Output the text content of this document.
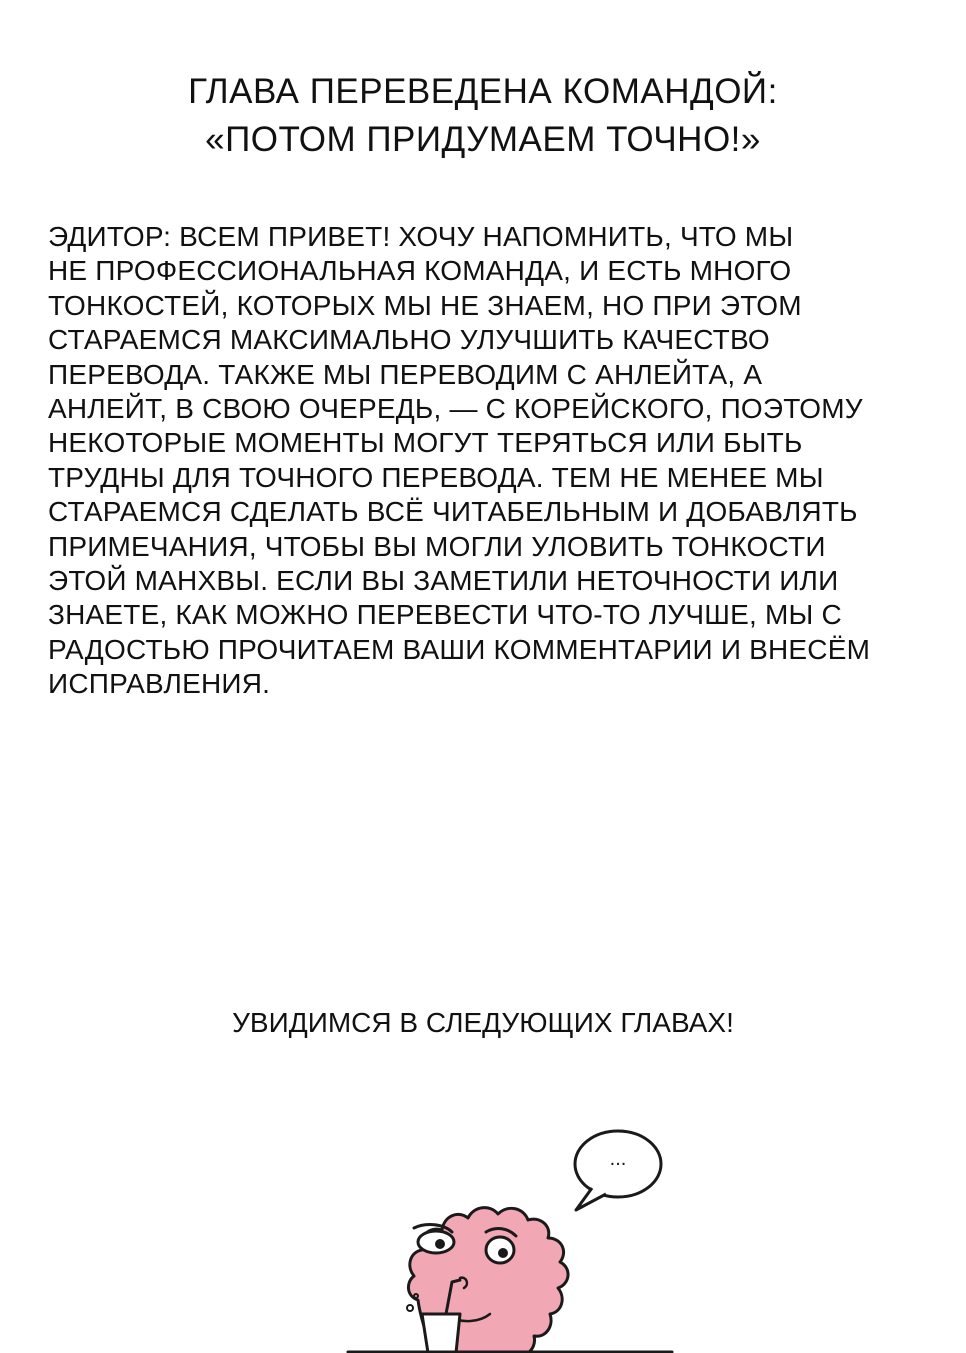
ГЛАВА ПЕРЕВЕДЕНА КОМАНДОЙ:
«ПОТОМ ПРИДУМАЕМ ТОЧНО!»
ЭДИТОР: ВСЕМ ПРИВЕТ! ХОЧУ НАПОМНИТЬ, ЧТО МЫ
НЕ ПРОФЕССИОНАЛЬНАЯ КОМАНДА, И ЕСТЬ МНОГО
ТОНКОСТЕЙ, КОТОРЫХ МЫ НЕ ЗНАЕМ, НО ПРИ ЭТОМ
СТАРАЕМСЯ МАКСИМАЛЬНО УЛУЧШИТЬ КАЧЕСТВО
ПЕРЕВОДА. ТАКЖЕ МЫ ПЕРЕВОДИМ С АНЛЕЙТА, А
АНЛЕЙТ, В СВОЮ ОЧЕРЕДЬ, — С КОРЕЙСКОГО, ПОЭТОМУ
НЕКОТОРЫЕ МОМЕНТЫ МОГУТ ТЕРЯТЬСЯ ИЛИ БЫТЬ
ТРУДНЫ ДЛЯ ТОЧНОГО ПЕРЕВОДА. ТЕМ НЕ МЕНЕЕ МЫ
СТАРАЕМСЯ СДЕЛАТЬ ВСЁ ЧИТАБЕЛЬНЫМ И ДОБАВЛЯТЬ
ПРИМЕЧАНИЯ, ЧТОБЫ ВЫ МОГЛИ УЛОВИТЬ ТОНКОСТИ
ЭТОЙ МАНХВЫ. ЕСЛИ ВЫ ЗАМЕТИЛИ НЕТОЧНОСТИ ИЛИ
ЗНАЕТЕ, КАК МОЖНО ПЕРЕВЕСТИ ЧТО-ТО ЛУЧШЕ, МЫ С
РАДОСТЬЮ ПРОЧИТАЕМ ВАШИ КОММЕНТАРИИ И ВНЕСЁМ
ИСПРАВЛЕНИЯ.
УВИДИМСЯ В СЛЕДУЮЩИХ ГЛАВАХ!
...
